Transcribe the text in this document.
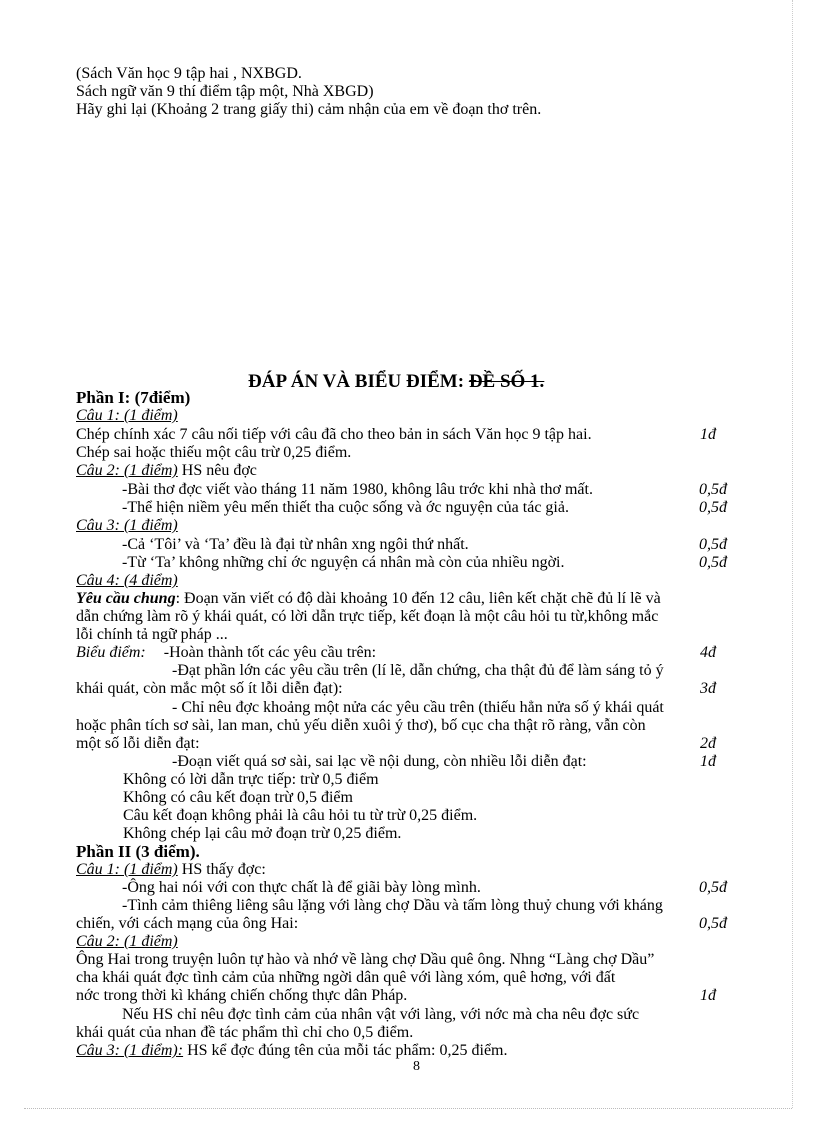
(Sách Văn học 9 tập hai , NXBGD.
Sách ngữ văn 9 thí điểm tập một, Nhà XBGD)
Hãy ghi lại (Khoảng 2 trang giấy thi) cảm nhận của em về đoạn thơ trên.
ĐÁP ÁN VÀ BIỂU ĐIỂM: ĐỀ SỐ 1.
Phần I: (7điểm)
Câu 1: (1 điểm)
Chép chính xác 7 câu nối tiếp với câu đã cho theo bản in sách Văn học 9 tập hai.	1đ
Chép sai hoặc thiếu một câu trừ 0,25 điểm.
Câu 2: (1 điểm) HS nêu đợc
-Bài thơ đợc viết vào tháng 11 năm 1980, không lâu trớc khi nhà thơ mất.	0,5đ
-Thể hiện niềm yêu mến thiết tha cuộc sống và ớc nguyện của tác giả.	0,5đ
Câu 3: (1 điểm)
-Cả ‘Tôi’ và ‘Ta’ đều là đại từ nhân xng ngôi thứ nhất.	0,5đ
-Từ ‘Ta’ không những chỉ ớc nguyện cá nhân mà còn của nhiều ngời.	0,5đ
Câu 4: (4 điểm)
Yêu cầu chung: Đoạn văn viết có độ dài khoảng 10 đến 12 câu, liên kết chặt chẽ đủ lí lẽ và
dẫn chứng làm rõ ý khái quát, có lời dẫn trực tiếp, kết đoạn là một câu hỏi tu từ,không mắc
lỗi chính tả ngữ pháp ...
Biểu điểm: -Hoàn thành tốt các yêu cầu trên:	4đ
-Đạt phần lớn các yêu cầu trên (lí lẽ, dẫn chứng, cha thật đủ để làm sáng tỏ ý
khái quát, còn mắc một số ít lỗi diễn đạt):	3đ
- Chỉ nêu đợc khoảng một nửa các yêu cầu trên (thiếu hẳn nửa số ý khái quát
hoặc phân tích sơ sài, lan man, chủ yếu diễn xuôi ý thơ), bố cục cha thật rõ ràng, vẫn còn
một số lỗi diễn đạt:	2đ
-Đoạn viết quá sơ sài, sai lạc về nội dung, còn nhiều lỗi diễn đạt:	1đ
Không có lời dẫn trực tiếp: trừ 0,5 điểm
Không có câu kết đoạn trừ 0,5 điểm
Câu kết đoạn không phải là câu hỏi tu từ trừ 0,25 điểm.
Không chép lại câu mở đoạn trừ 0,25 điểm.
Phần II (3 điểm).
Câu 1: (1 điểm) HS thấy đợc:
-Ông hai nói với con thực chất là để giãi bày lòng mình.	0,5đ
-Tình cảm thiêng liêng sâu lặng với làng chợ Dầu và tấm lòng thuỷ chung với kháng
chiến, với cách mạng của ông Hai:	0,5đ
Câu 2: (1 điểm)
Ông Hai trong truyện luôn tự hào và nhớ về làng chợ Dầu quê ông. Nhng “Làng chợ Dầu”
cha khái quát đợc tình cảm của những ngời dân quê với làng xóm, quê hơng, với đất
nớc trong thời kì kháng chiến chống thực dân Pháp.	1đ
Nếu HS chỉ nêu đợc tình cảm của nhân vật với làng, với nớc mà cha nêu đợc sức
khái quát của nhan đề tác phẩm thì chỉ cho 0,5 điểm.
Câu 3: (1 điểm): HS kể đợc đúng tên của mỗi tác phẩm: 0,25 điểm.
8
